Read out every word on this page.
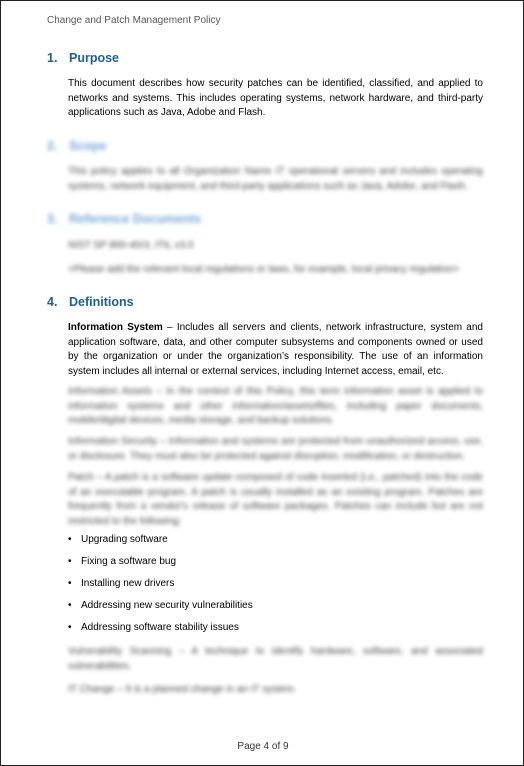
Change and Patch Management Policy
1. Purpose
This document describes how security patches can be identified, classified, and applied to networks and systems. This includes operating systems, network hardware, and third-party applications such as Java, Adobe and Flash.
2. Scope
This policy applies to all Organization Name IT operational servers and includes operating systems, network equipment, and third-party applications such as Java, Adobe, and Flash.
3. Reference Documents
NIST SP 800-40r3, ITIL v3.0
<Please add the relevant local regulations or laws, for example, local privacy regulation>
4. Definitions
Information System – Includes all servers and clients, network infrastructure, system and application software, data, and other computer subsystems and components owned or used by the organization or under the organization’s responsibility. The use of an information system includes all internal or external services, including Internet access, email, etc.
Information Assets – In the context of this Policy, this term information asset is applied to information systems and other information/assets/files, including paper documents, mobile/digital devices, media storage, and backup solutions.
Information Security – Information and systems are protected from unauthorized access, use, or disclosure. They must also be protected against disruption, modification, or destruction.
Patch – A patch is a software update composed of code inserted (i.e., patched) into the code of an executable program. A patch is usually installed as an existing program. Patches are frequently from a vendor's release of software packages. Patches can include but are not restricted to the following:
• Upgrading software
• Fixing a software bug
• Installing new drivers
• Addressing new security vulnerabilities
• Addressing software stability issues
Vulnerability Scanning – A technique to identify hardware, software, and associated vulnerabilities.
IT Change – It is a planned change in an IT system.
Page 4 of 9
